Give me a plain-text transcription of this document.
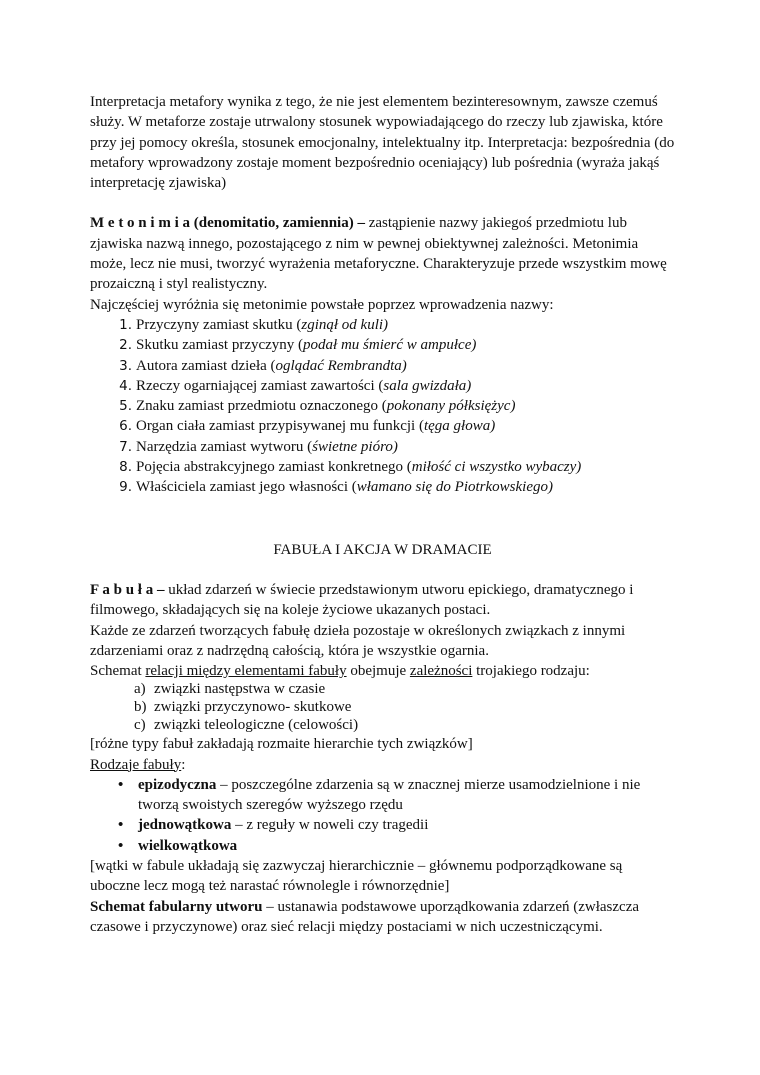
Interpretacja metafory wynika z tego, że nie jest elementem bezinteresownym, zawsze czemuś służy. W metaforze zostaje utrwalony stosunek wypowiadającego do rzeczy lub zjawiska, które przy jej pomocy określa, stosunek emocjonalny, intelektualny itp. Interpretacja: bezpośrednia (do metafory wprowadzony zostaje moment bezpośrednio oceniający) lub pośrednia (wyraża jakąś interpretację zjawiska)

M e t o n i m i a (denomitatio, zamiennia) – zastąpienie nazwy jakiegoś przedmiotu lub zjawiska nazwą innego, pozostającego z nim w pewnej obiektywnej zależności. Metonimia może, lecz nie musi, tworzyć wyrażenia metaforyczne. Charakteryzuje przede wszystkim mowę prozaiczną i styl realistyczny.

Najczęściej wyróżnia się metonimie powstałe poprzez wprowadzenia nazwy:

1 . Przyczyny zamiast skutku (zginął od kuli)
2 . Skutku zamiast przyczyny (podał mu śmierć w ampułce)
3 . Autora zamiast dzieła (oglądać Rembrandta)
4 . Rzeczy ogarniającej zamiast zawartości (sala gwizdała)
5 . Znaku zamiast przedmiotu oznaczonego (pokonany półksiężyc)
6 . Organ ciała zamiast przypisywanej mu funkcji (tęga głowa)
7 . Narzędzia zamiast wytworu (świetne pióro)
8 . Pojęcia abstrakcyjnego zamiast konkretnego (miłość ci wszystko wybaczy)
9 . Właściciela zamiast jego własności (włamano się do Piotrkowskiego)

FABUŁA I AKCJA W DRAMACIE

F a b u ł a – układ zdarzeń w świecie przedstawionym utworu epickiego, dramatycznego i filmowego, składających się na koleje życiowe ukazanych postaci.

Każde ze zdarzeń tworzących fabułę dzieła pozostaje w określonych związkach z innymi zdarzeniami oraz z nadrzędną całością, która je wszystkie ogarnia.

Schemat relacji między elementami fabuły obejmuje zależności trojakiego rodzaju:

a ) związki następstwa w czasie
b ) związki przyczynowo- skutkowe
c ) związki teleologiczne (celowości)

[różne typy fabuł zakładają rozmaite hierarchie tych związków]

Rodzaje fabuły:

• epizodyczna – poszczególne zdarzenia są w znacznej mierze usamodzielnione i nie tworzą swoistych szeregów wyższego rzędu
• jednowątkowa – z reguły w noweli czy tragedii
• wielkowątkowa

[wątki w fabule układają się zazwyczaj hierarchicznie – głównemu podporządkowane są uboczne lecz mogą też narastać równolegle i równorzędnie]

Schemat fabularny utworu – ustanawia podstawowe uporządkowania zdarzeń (zwłaszcza czasowe i przyczynowe) oraz sieć relacji między postaciami w nich uczestniczącymi.
